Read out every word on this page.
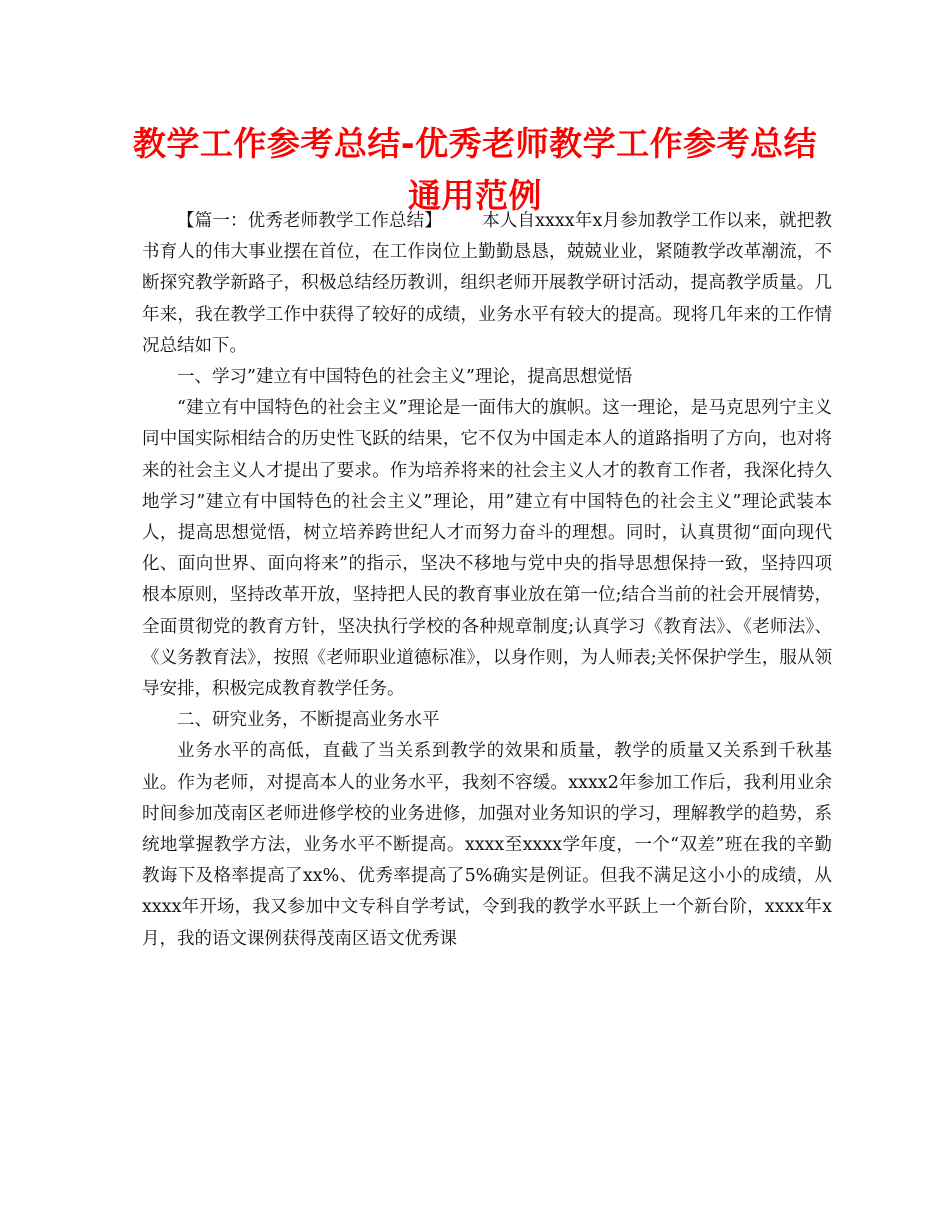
教学工作参考总结-优秀老师教学工作参考总结通用范例

【篇一：优秀老师教学工作总结】 本人自xxxx年x月参加教学工作以来，就把教书育人的伟大事业摆在首位，在工作岗位上勤勤恳恳，兢兢业业，紧随教学改革潮流，不断探究教学新路子，积极总结经历教训，组织老师开展教学研讨活动，提高教学质量。几年来，我在教学工作中获得了较好的成绩，业务水平有较大的提高。现将几年来的工作情况总结如下。

一、学习”建立有中国特色的社会主义”理论，提高思想觉悟

“建立有中国特色的社会主义”理论是一面伟大的旗帜。这一理论，是马克思列宁主义同中国实际相结合的历史性飞跃的结果，它不仅为中国走本人的道路指明了方向，也对将来的社会主义人才提出了要求。作为培养将来的社会主义人才的教育工作者，我深化持久地学习”建立有中国特色的社会主义”理论，用”建立有中国特色的社会主义”理论武装本人，提高思想觉悟，树立培养跨世纪人才而努力奋斗的理想。同时，认真贯彻“面向现代化、面向世界、面向将来”的指示，坚决不移地与党中央的指导思想保持一致，坚持四项根本原则，坚持改革开放，坚持把人民的教育事业放在第一位;结合当前的社会开展情势，全面贯彻党的教育方针，坚决执行学校的各种规章制度;认真学习《教育法》、《老师法》、《义务教育法》，按照《老师职业道德标准》，以身作则，为人师表;关怀保护学生，服从领导安排，积极完成教育教学任务。

二、研究业务，不断提高业务水平

业务水平的高低，直截了当关系到教学的效果和质量，教学的质量又关系到千秋基业。作为老师，对提高本人的业务水平，我刻不容缓。xxxx2年参加工作后，我利用业余时间参加茂南区老师进修学校的业务进修，加强对业务知识的学习，理解教学的趋势，系统地掌握教学方法，业务水平不断提高。xxxx至xxxx学年度，一个“双差”班在我的辛勤教诲下及格率提高了xx%、优秀率提高了5%确实是例证。但我不满足这小小的成绩，从xxxx年开场，我又参加中文专科自学考试，令到我的教学水平跃上一个新台阶，xxxx年x月，我的语文课例获得茂南区语文优秀课
